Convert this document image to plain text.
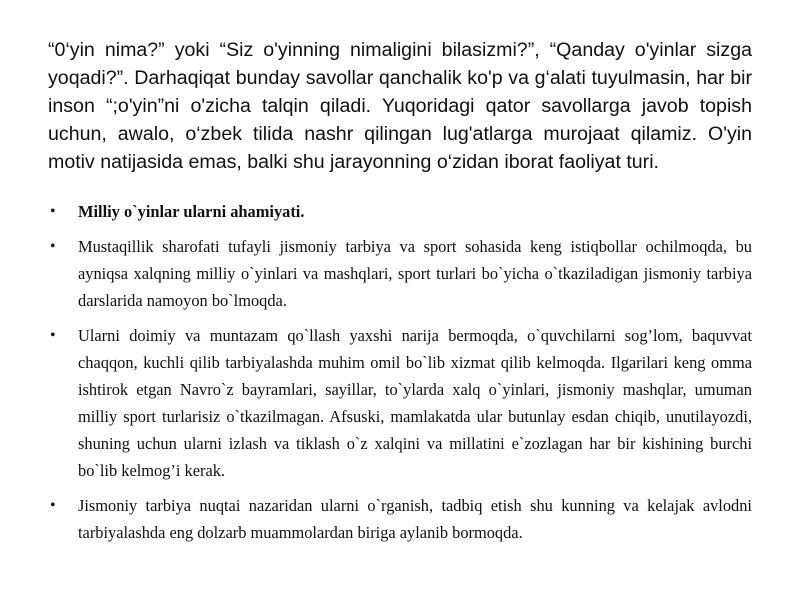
“0‘yin nima?” yoki “Siz o'yinning nimaligini bilasizmi?”, “Qanday o'yinlar sizga yoqadi?”. Darhaqiqat bunday savollar qanchalik ko'p va g‘alati tuyulmasin, har bir inson “;o'yin”ni o'zicha talqin qiladi. Yuqoridagi qator savollarga javob topish uchun, awalo, o‘zbek tilida nashr qilingan lug'atlarga murojaat qilamiz. O'yin motiv natijasida emas, balki shu jarayonning o‘zidan iborat faoliyat turi.

• Milliy o`yinlar ularni ahamiyati.
• Mustaqillik sharofati tufayli jismoniy tarbiya va sport sohasida keng istiqbollar ochilmoqda, bu ayniqsa xalqning milliy o`yinlari va mashqlari, sport turlari bo`yicha o`tkaziladigan jismoniy tarbiya darslarida namoyon bo`lmoqda.
• Ularni doimiy va muntazam qo`llash yaxshi narija bermoqda, o`quvchilarni sog’lom, baquvvat chaqqon, kuchli qilib tarbiyalashda muhim omil bo`lib xizmat qilib kelmoqda. Ilgarilari keng omma ishtirok etgan Navro`z bayramlari, sayillar, to`ylarda xalq o`yinlari, jismoniy mashqlar, umuman milliy sport turlarisiz o`tkazilmagan. Afsuski, mamlakatda ular butunlay esdan chiqib, unutilayozdi, shuning uchun ularni izlash va tiklash o`z xalqini va millatini e`zozlagan har bir kishining burchi bo`lib kelmog’i kerak.
• Jismoniy tarbiya nuqtai nazaridan ularni o`rganish, tadbiq etish shu kunning va kelajak avlodni tarbiyalashda eng dolzarb muammolardan biriga aylanib bormoqda.
